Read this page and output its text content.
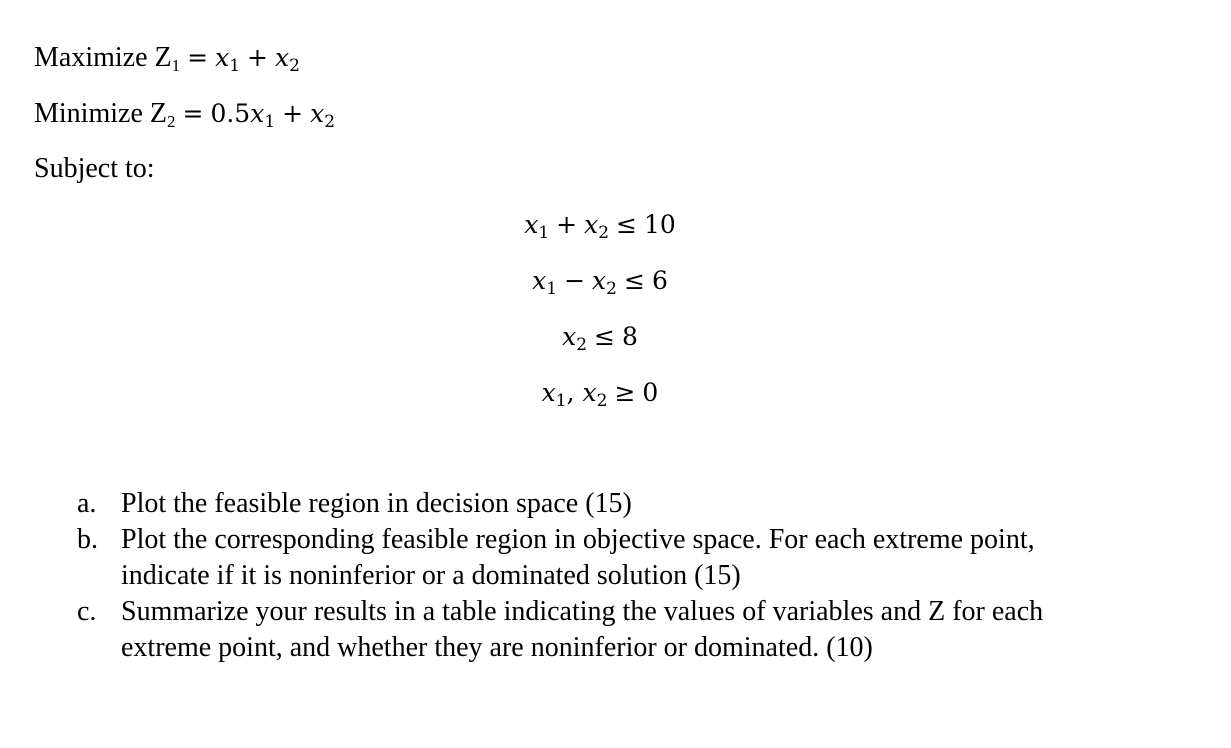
Maximize $Z_1 = x_1 + x_2$
Minimize $Z_2 = 0.5x_1 + x_2$
Subject to:
$x_1 + x_2 \le 10$
$x_1 - x_2 \le 6$
$x_2 \le 8$
$x_1$, $x_2 \ge 0$
a. Plot the feasible region in decision space (15)
b. Plot the corresponding feasible region in objective space. For each extreme point, indicate if it is noninferior or a dominated solution (15)
c. Summarize your results in a table indicating the values of variables and Z for each extreme point, and whether they are noninferior or dominated. (10)
